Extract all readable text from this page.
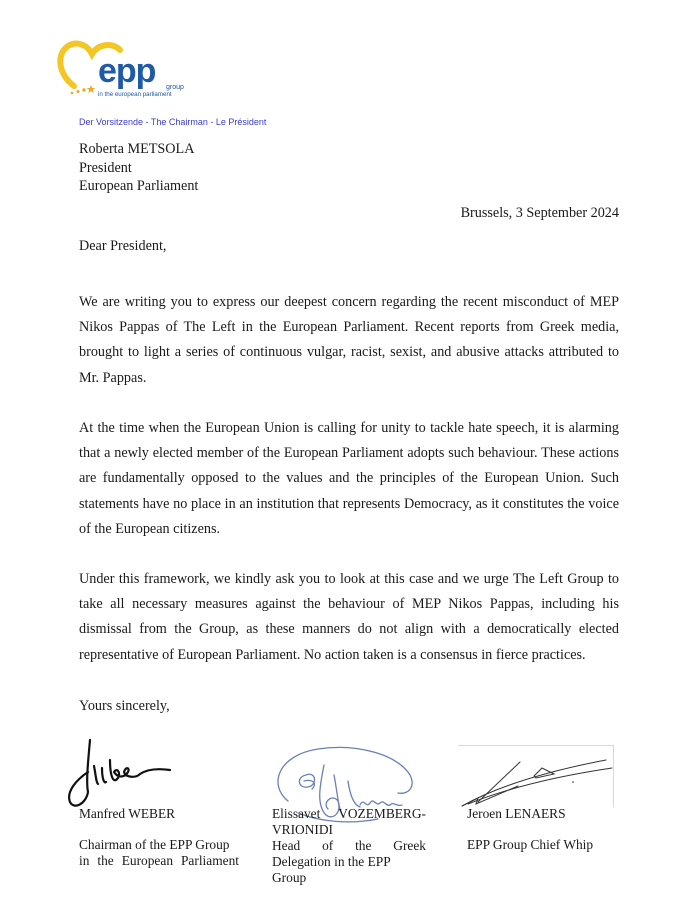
epp group
in the european parliament
Der Vorsitzende - The Chairman - Le Président
Roberta METSOLA
President
European Parliament
Brussels, 3 September 2024
Dear President,
We are writing you to express our deepest concern regarding the recent misconduct of MEP Nikos Pappas of The Left in the European Parliament. Recent reports from Greek media, brought to light a series of continuous vulgar, racist, sexist, and abusive attacks attributed to Mr. Pappas.
At the time when the European Union is calling for unity to tackle hate speech, it is alarming that a newly elected member of the European Parliament adopts such behaviour. These actions are fundamentally opposed to the values and the principles of the European Union. Such statements have no place in an institution that represents Democracy, as it constitutes the voice of the European citizens.
Under this framework, we kindly ask you to look at this case and we urge The Left Group to take all necessary measures against the behaviour of MEP Nikos Pappas, including his dismissal from the Group, as these manners do not align with a democratically elected representative of European Parliament. No action taken is a consensus in fierce practices.
Yours sincerely,
Manfred WEBER
Chairman of the EPP Group
in the European Parliament
Elissavet VOZEMBERG-
VRIONIDI
Head of the Greek
Delegation in the EPP Group
Jeroen LENAERS
EPP Group Chief Whip
